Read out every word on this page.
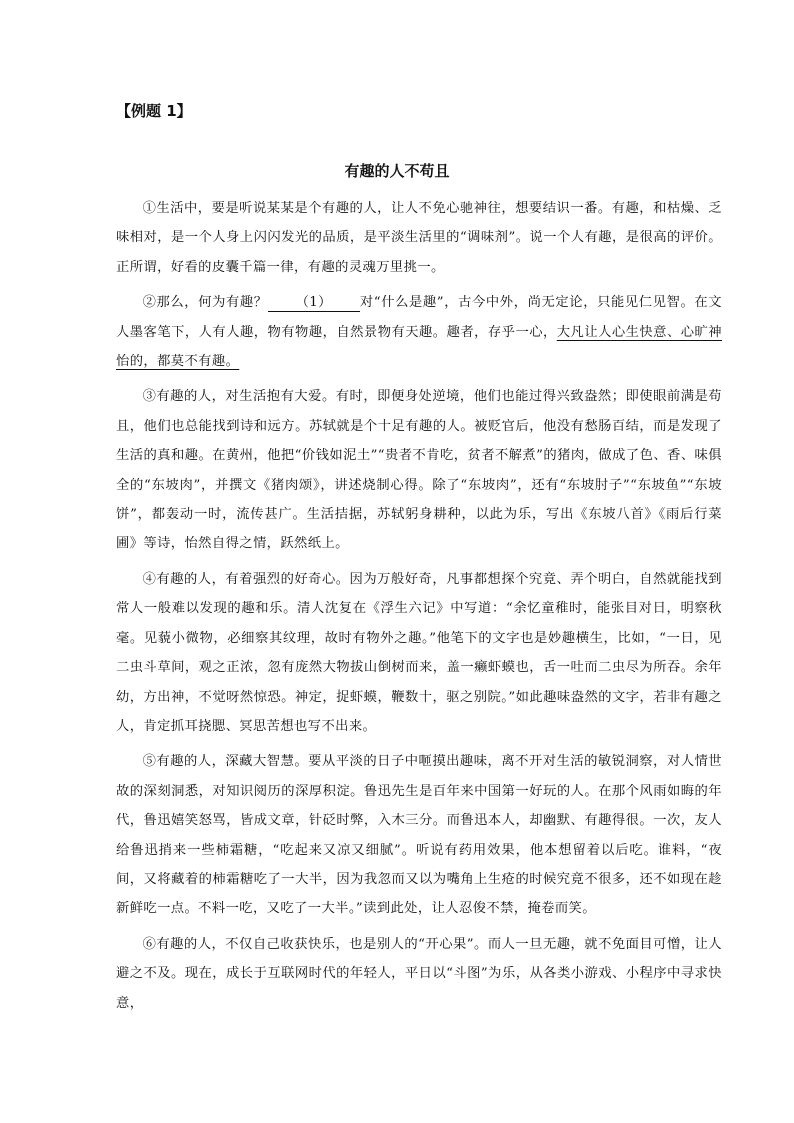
【例题 1】
有趣的人不苟且

①生活中，要是听说某某是个有趣的人，让人不免心驰神往，想要结识一番。有趣，和枯燥、乏味相对，是一个人身上闪闪发光的品质，是平淡生活里的“调味剂”。说一个人有趣，是很高的评价。正所谓，好看的皮囊千篇一律，有趣的灵魂万里挑一。

②那么，何为有趣？ （1） 对“什么是趣”，古今中外，尚无定论，只能见仁见智。在文人墨客笔下，人有人趣，物有物趣，自然景物有天趣。趣者，存乎一心，大凡让人心生快意、心旷神怡的，都莫不有趣。

③有趣的人，对生活抱有大爱。有时，即便身处逆境，他们也能过得兴致盎然；即使眼前满是苟且，他们也总能找到诗和远方。苏轼就是个十足有趣的人。被贬官后，他没有愁肠百结，而是发现了生活的真和趣。在黄州，他把“价钱如泥土”“贵者不肯吃，贫者不解煮”的猪肉，做成了色、香、味俱全的“东坡肉”，并撰文《猪肉颂》，讲述烧制心得。除了“东坡肉”，还有“东坡肘子”“东坡鱼”“东坡饼”，都轰动一时，流传甚广。生活拮据，苏轼躬身耕种，以此为乐，写出《东坡八首》《雨后行菜圃》等诗，怡然自得之情，跃然纸上。

④有趣的人，有着强烈的好奇心。因为万般好奇，凡事都想探个究竟、弄个明白，自然就能找到常人一般难以发现的趣和乐。清人沈复在《浮生六记》中写道：“余忆童稚时，能张目对日，明察秋毫。见藐小微物，必细察其纹理，故时有物外之趣。”他笔下的文字也是妙趣横生，比如，“一日，见二虫斗草间，观之正浓，忽有庞然大物拔山倒树而来，盖一癞虾蟆也，舌一吐而二虫尽为所吞。余年幼，方出神，不觉呀然惊恐。神定，捉虾蟆，鞭数十，驱之别院。”如此趣味盎然的文字，若非有趣之人，肯定抓耳挠腮、冥思苦想也写不出来。

⑤有趣的人，深藏大智慧。要从平淡的日子中咂摸出趣味，离不开对生活的敏锐洞察，对人情世故的深刻洞悉，对知识阅历的深厚积淀。鲁迅先生是百年来中国第一好玩的人。在那个风雨如晦的年代，鲁迅嬉笑怒骂，皆成文章，针砭时弊，入木三分。而鲁迅本人，却幽默、有趣得很。一次，友人给鲁迅捎来一些柿霜糖，“吃起来又凉又细腻”。听说有药用效果，他本想留着以后吃。谁料，“夜间，又将藏着的柿霜糖吃了一大半，因为我忽而又以为嘴角上生疮的时候究竟不很多，还不如现在趁新鲜吃一点。不料一吃，又吃了一大半。”读到此处，让人忍俊不禁，掩卷而笑。

⑥有趣的人，不仅自己收获快乐，也是别人的“开心果”。而人一旦无趣，就不免面目可憎，让人避之不及。现在，成长于互联网时代的年轻人，平日以“斗图”为乐，从各类小游戏、小程序中寻求快意，
